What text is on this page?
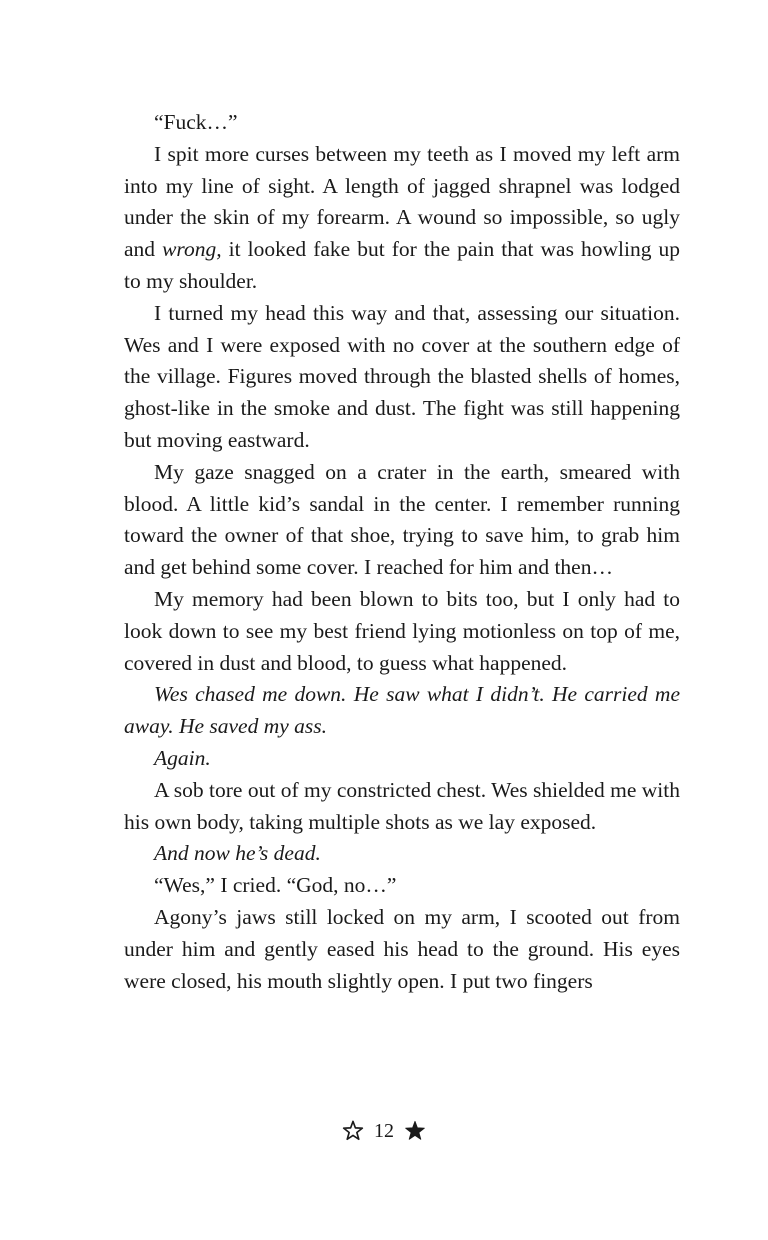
“Fuck…”

I spit more curses between my teeth as I moved my left arm into my line of sight. A length of jagged shrapnel was lodged under the skin of my forearm. A wound so impossible, so ugly and wrong, it looked fake but for the pain that was howling up to my shoulder.

I turned my head this way and that, assessing our situation. Wes and I were exposed with no cover at the southern edge of the village. Figures moved through the blasted shells of homes, ghost-like in the smoke and dust. The fight was still happening but moving eastward.

My gaze snagged on a crater in the earth, smeared with blood. A little kid’s sandal in the center. I remember running toward the owner of that shoe, trying to save him, to grab him and get behind some cover. I reached for him and then…

My memory had been blown to bits too, but I only had to look down to see my best friend lying motionless on top of me, covered in dust and blood, to guess what happened.

Wes chased me down. He saw what I didn’t. He carried me away. He saved my ass.

Again.

A sob tore out of my constricted chest. Wes shielded me with his own body, taking multiple shots as we lay exposed.

And now he’s dead.

“Wes,” I cried. “God, no…”

Agony’s jaws still locked on my arm, I scooted out from under him and gently eased his head to the ground. His eyes were closed, his mouth slightly open. I put two fingers

12
